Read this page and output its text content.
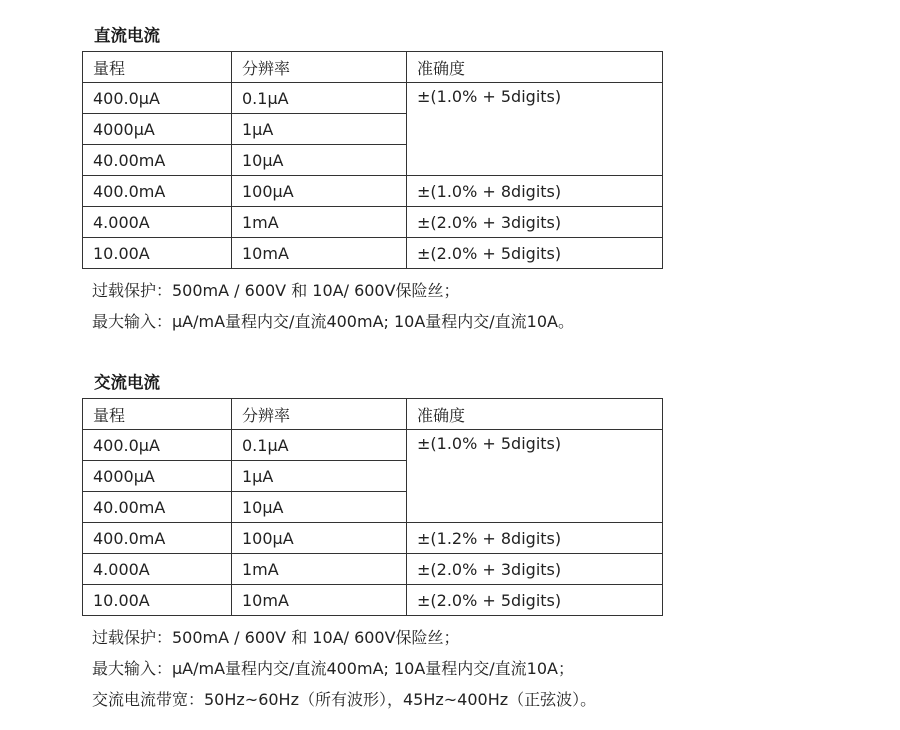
直流电流
量程	分辨率	准确度
400.0µA	0.1µA	±(1.0% + 5digits)
4000µA	1µA	
40.00mA	10µA	
400.0mA	100µA	±(1.0% + 8digits)
4.000A	1mA	±(2.0% + 3digits)
10.00A	10mA	±(2.0% + 5digits)
过载保护：500mA / 600V 和 10A/ 600V保险丝；
最大输入：µA/mA量程内交/直流400mA; 10A量程内交/直流10A。
交流电流
量程	分辨率	准确度
400.0µA	0.1µA	±(1.0% + 5digits)
4000µA	1µA	
40.00mA	10µA	
400.0mA	100µA	±(1.2% + 8digits)
4.000A	1mA	±(2.0% + 3digits)
10.00A	10mA	±(2.0% + 5digits)
过载保护：500mA / 600V 和 10A/ 600V保险丝；
最大输入：µA/mA量程内交/直流400mA; 10A量程内交/直流10A；
交流电流带宽：50Hz~60Hz（所有波形），45Hz~400Hz（正弦波）。
